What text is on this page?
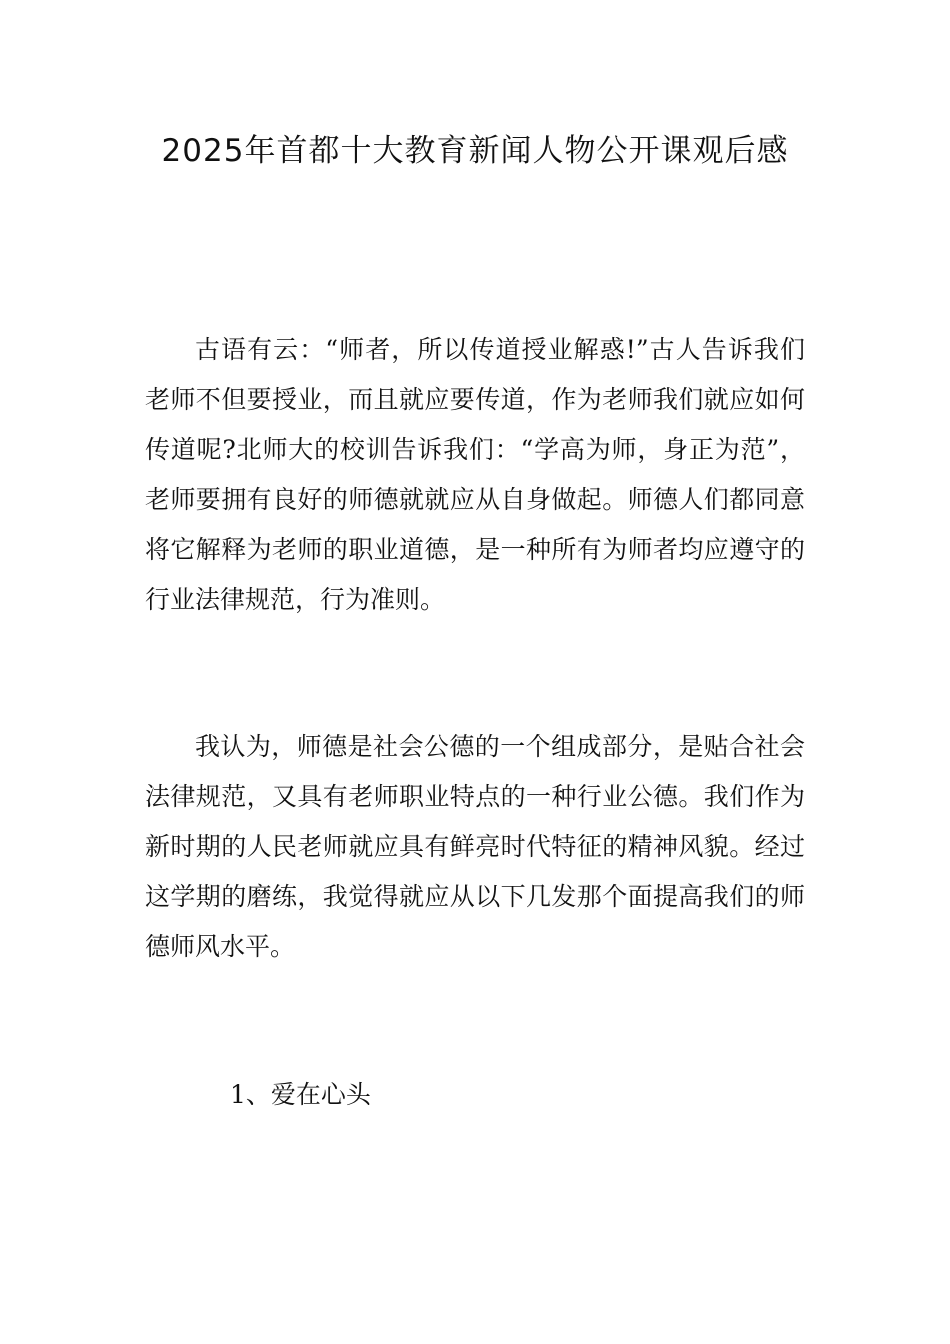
2025年首都十大教育新闻人物公开课观后感

古语有云：“师者，所以传道授业解惑!”古人告诉我们老师不但要授业，而且就应要传道，作为老师我们就应如何传道呢?北师大的校训告诉我们：“学高为师，身正为范”，老师要拥有良好的师德就就应从自身做起。师德人们都同意将它解释为老师的职业道德，是一种所有为师者均应遵守的行业法律规范，行为准则。

我认为，师德是社会公德的一个组成部分，是贴合社会法律规范，又具有老师职业特点的一种行业公德。我们作为新时期的人民老师就应具有鲜亮时代特征的精神风貌。经过这学期的磨练，我觉得就应从以下几发那个面提高我们的师德师风水平。

1、爱在心头
